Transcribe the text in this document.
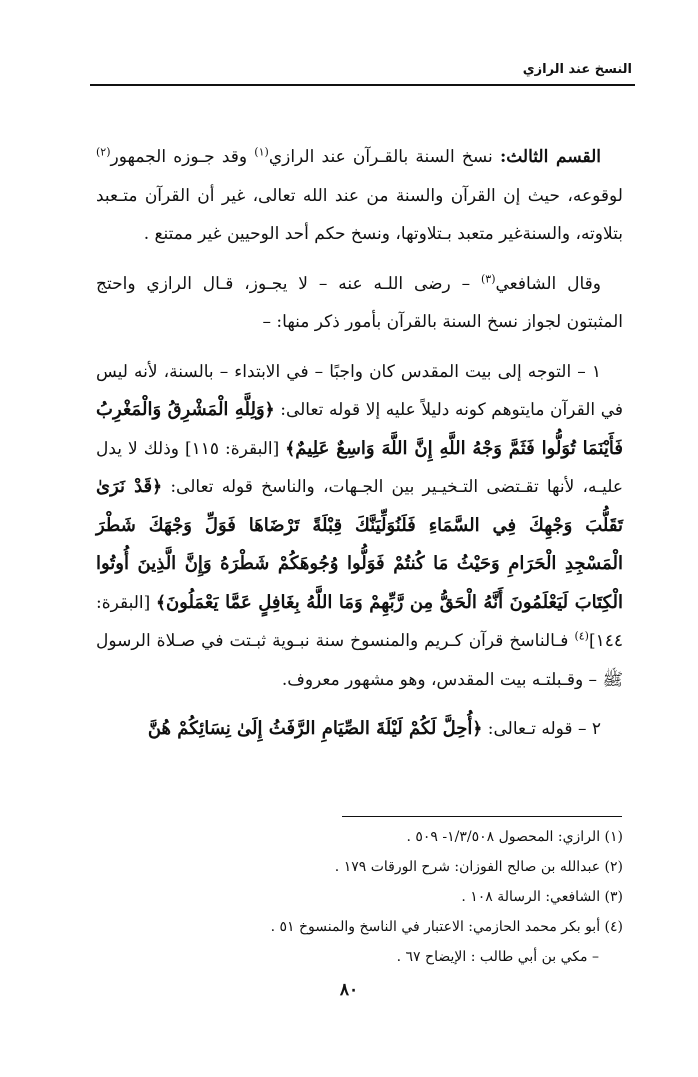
النسخ عند الرازي

القسم الثالث: نسخ السنة بالقـرآن عند الرازي$^{(١)}$ وقد جـوزه الجمهور$^{(٢)}$ لوقوعه، حيث إن القرآن والسنة من عند الله تعالى، غير أن القرآن متـعبد بتلاوته، والسنةغير متعبد بـتلاوتها، ونسخ حكم أحد الوحيين غير ممتنع .

وقال الشافعي$^{(٣)}$ – رضى اللـه عنه – لا يجـوز، قـال الرازي واحتج المثبتون لجواز نسخ السنة بالقرآن بأمور ذكر منها: –

١ – التوجه إلى بيت المقدس كان واجبًا – في الابتداء – بالسنة، لأنه ليس في القرآن مايتوهم كونه دليلاً عليه إلا قوله تعالى: ﴿وَلِلَّهِ الْمَشْرِقُ وَالْمَغْرِبُ فَأَيْنَمَا تُوَلُّوا فَثَمَّ وَجْهُ اللَّهِ إِنَّ اللَّهَ وَاسِعٌ عَلِيمٌ﴾ [البقرة: ١١٥] وذلك لا يدل عليـه، لأنها تقـتضى التـخيـير بين الجـهات، والناسخ قوله تعالى: ﴿قَدْ نَرَىٰ تَقَلُّبَ وَجْهِكَ فِي السَّمَاءِ فَلَنُوَلِّيَنَّكَ قِبْلَةً تَرْضَاهَا فَوَلِّ وَجْهَكَ شَطْرَ الْمَسْجِدِ الْحَرَامِ وَحَيْثُ مَا كُنتُمْ فَوَلُّوا وُجُوهَكُمْ شَطْرَهُ وَإِنَّ الَّذِينَ أُوتُوا الْكِتَابَ لَيَعْلَمُونَ أَنَّهُ الْحَقُّ مِن رَّبِّهِمْ وَمَا اللَّهُ بِغَافِلٍ عَمَّا يَعْمَلُونَ﴾ [البقرة: ١٤٤]$^{(٤)}$ فـالناسخ قرآن كـريم والمنسوخ سنة نبـوية ثبـتت في صـلاة الرسول ﷺ – وقـبلتـه بيت المقدس، وهو مشهور معروف.

٢ – قوله تـعالى: ﴿أُحِلَّ لَكُمْ لَيْلَةَ الصِّيَامِ الرَّفَثُ إِلَىٰ نِسَائِكُمْ هُنَّ

(١) الرازي: المحصول ١/٣/٥٠٨- ٥٠٩ .
(٢) عبدالله بن صالح الفوزان: شرح الورقات ١٧٩ .
(٣) الشافعي: الرسالة ١٠٨ .
(٤) أبو بكر محمد الحازمي: الاعتبار في الناسخ والمنسوخ ٥١ .
– مكي بن أبي طالب : الإيضاح ٦٧ .
٨٠
